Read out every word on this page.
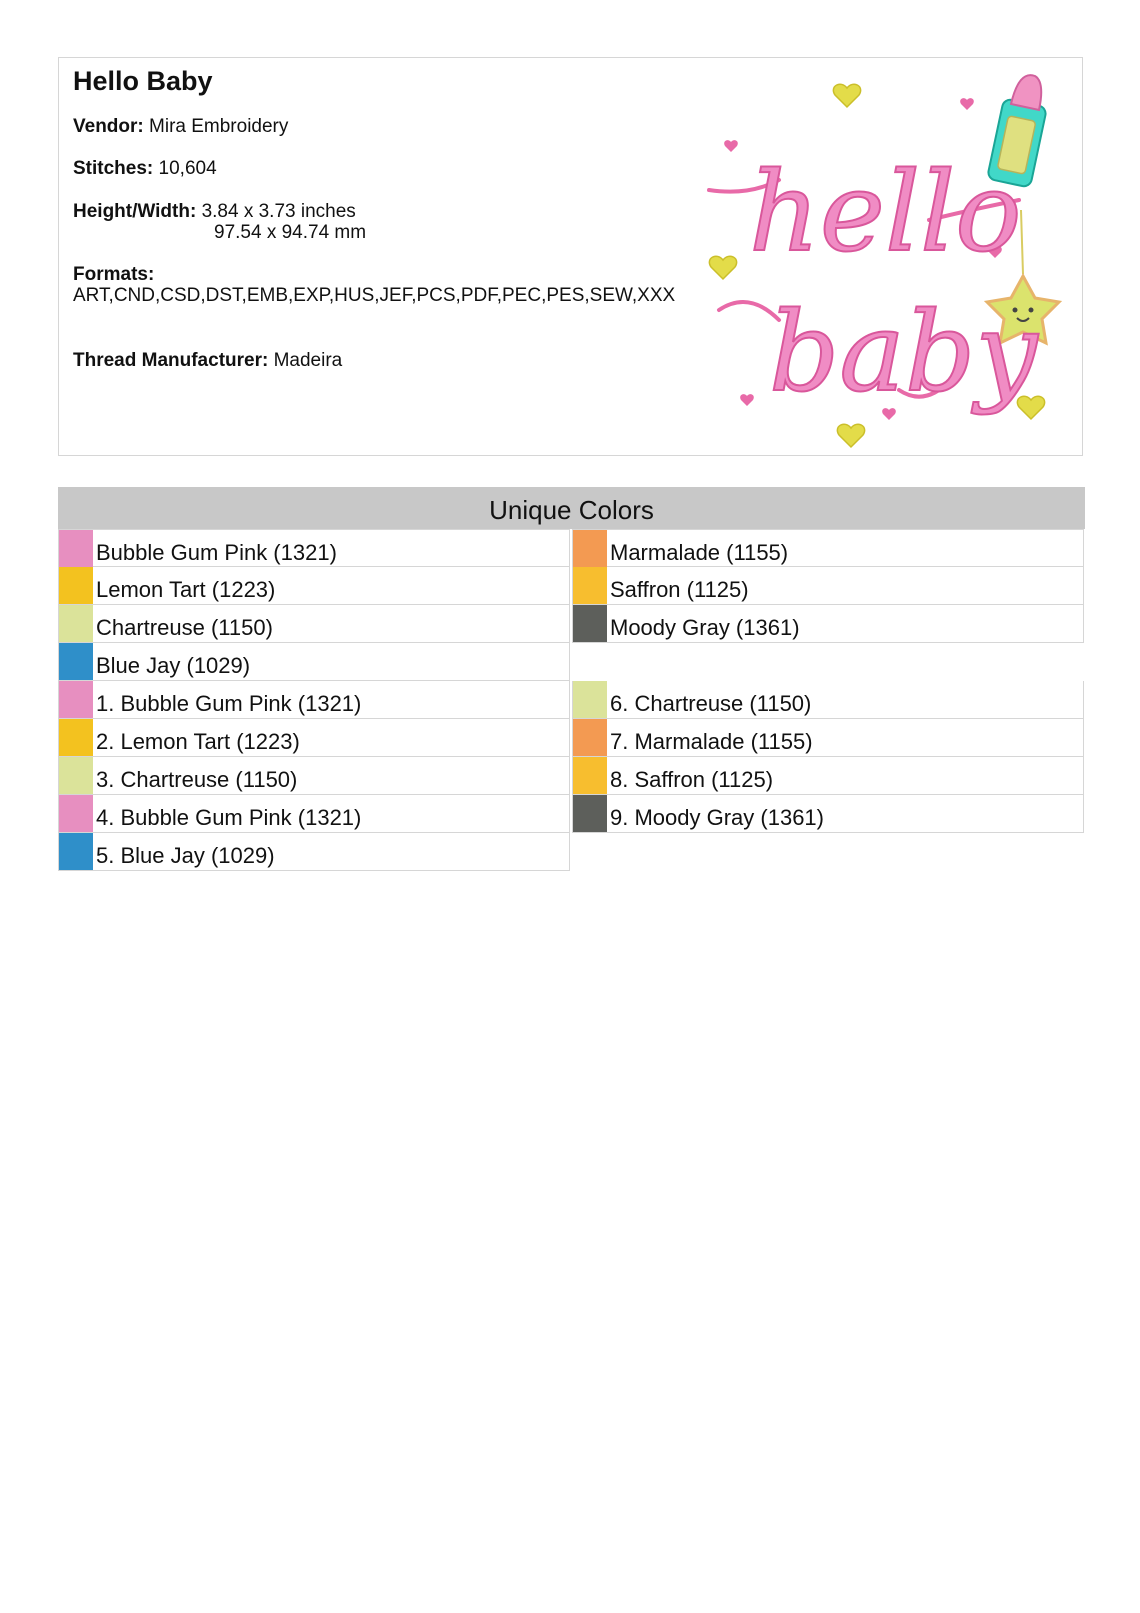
Hello Baby
Vendor: Mira Embroidery
Stitches: 10,604
Height/Width: 3.84 x 3.73 inches
97.54 x 94.74 mm
Formats:
ART,CND,CSD,DST,EMB,EXP,HUS,JEF,PCS,PDF,PEC,PES,SEW,XXX
Thread Manufacturer: Madeira
hello
baby
Unique Colors
Bubble Gum Pink (1321)
Lemon Tart (1223)
Chartreuse (1150)
Blue Jay (1029)
Marmalade (1155)
Saffron (1125)
Moody Gray (1361)
1. Bubble Gum Pink (1321)
2. Lemon Tart (1223)
3. Chartreuse (1150)
4. Bubble Gum Pink (1321)
5. Blue Jay (1029)
6. Chartreuse (1150)
7. Marmalade (1155)
8. Saffron (1125)
9. Moody Gray (1361)
